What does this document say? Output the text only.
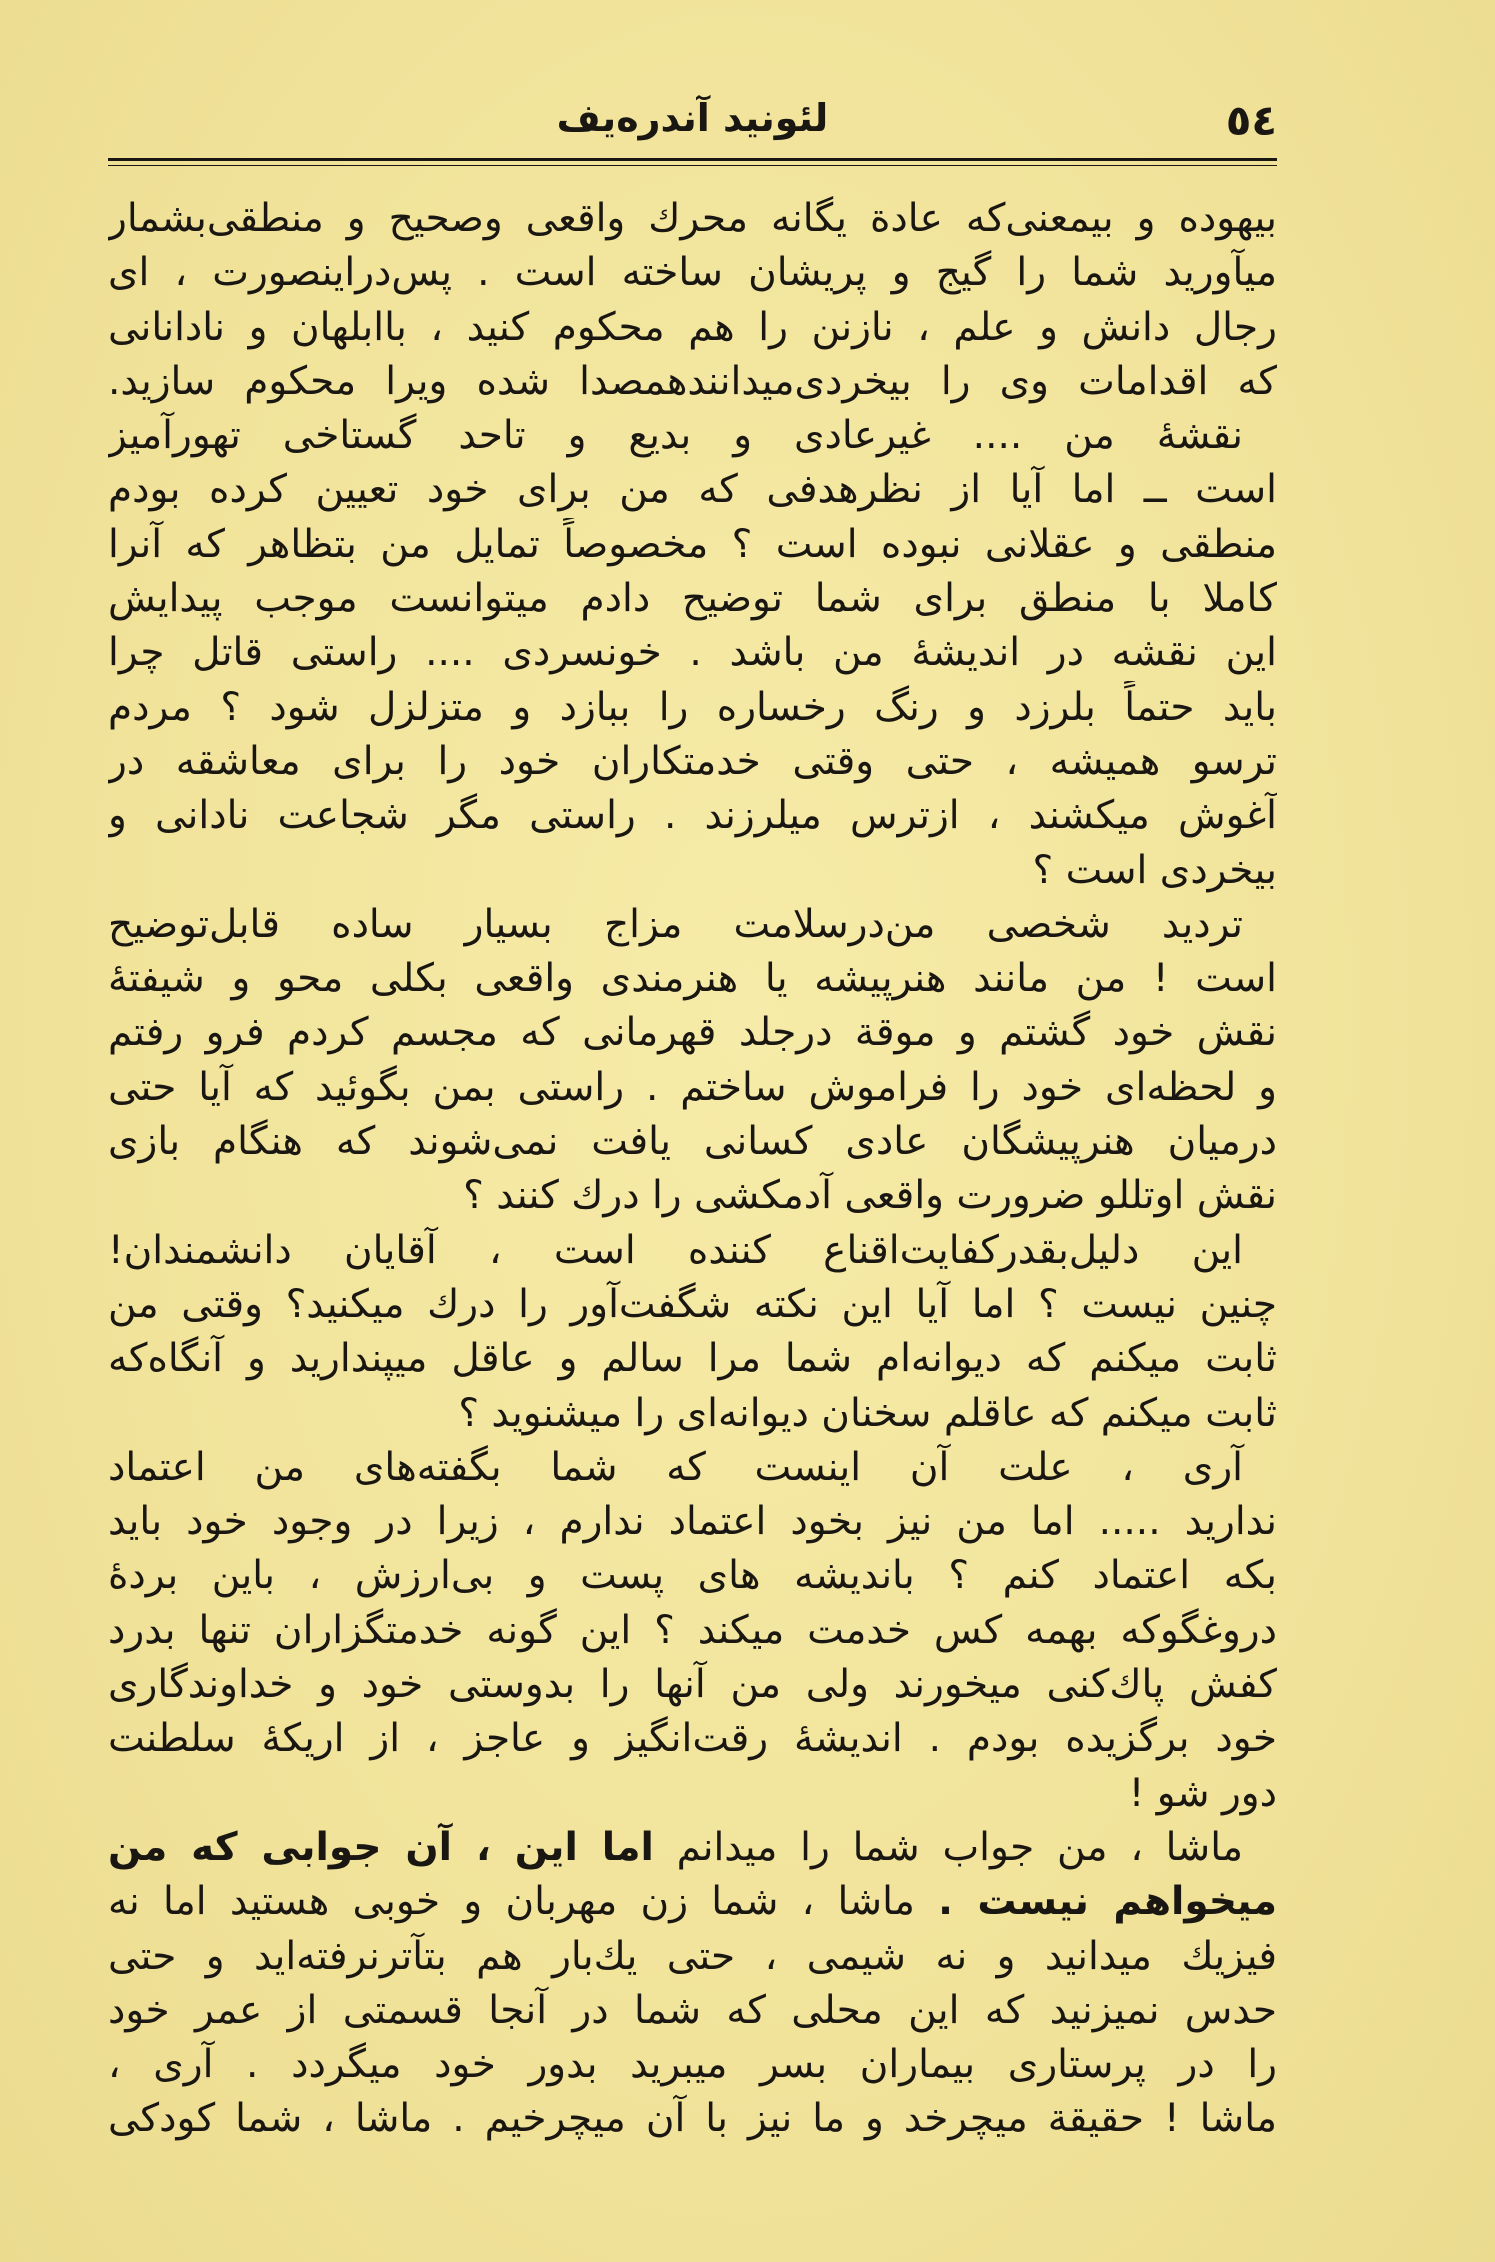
٥٤
لئونید آندره‌یف
بیهوده و بیمعنی‌که عادة یگانه محرك واقعی وصحیح و منطقی‌بشمار
میآورید شما را گیج و پریشان ساخته است . پس‌دراینصورت ، ای
رجال دانش و علم ، نازنن را هم محکوم کنید ، باابلهان و نادانانی
که اقدامات وی را بیخردی‌میدانندهمصدا شده ویرا محکوم سازید.
نقشهٔ من .... غیرعادی و بدیع و تاحد گستاخی تهورآمیز
است ــ اما آیا از نظرهدفی که من برای خود تعیین کرده بودم
منطقی و عقلانی نبوده است ؟ مخصوصاً تمایل من بتظاهر که آنرا
کاملا با منطق برای شما توضیح دادم میتوانست موجب پیدایش
این نقشه در اندیشهٔ من باشد . خونسردی .... راستی قاتل چرا
باید حتماً بلرزد و رنگ رخساره را ببازد و متزلزل شود ؟ مردم
ترسو همیشه ، حتی وقتی خدمتکاران خود را برای معاشقه در
آغوش میکشند ، ازترس میلرزند . راستی مگر شجاعت نادانی و
بیخردی است ؟
تردید شخصی من‌درسلامت مزاج بسیار ساده قابل‌توضیح
است ! من مانند هنرپیشه یا هنرمندی واقعی بکلی محو و شیفتهٔ
نقش خود گشتم و موقة درجلد قهرمانی که مجسم کردم فرو رفتم
و لحظه‌ای خود را فراموش ساختم . راستی بمن بگوئید که آیا حتی
درمیان هنرپیشگان عادی کسانی یافت نمی‌شوند که هنگام بازی
نقش اوتللو ضرورت واقعی آدمکشی را درك کنند ؟
این دلیل‌بقدرکفایت‌اقناع کننده است ، آقایان دانشمندان!
چنین نیست ؟ اما آیا این نکته شگفت‌آور را درك میکنید؟ وقتی من
ثابت میکنم که دیوانه‌ام شما مرا سالم و عاقل میپندارید و آنگاه‌که
ثابت میکنم که عاقلم سخنان دیوانه‌ای را میشنوید ؟
آری ، علت آن اینست که شما بگفته‌های من اعتماد
ندارید ..... اما من نیز بخود اعتماد ندارم ، زیرا در وجود خود باید
بکه اعتماد کنم ؟ باندیشه های پست و بی‌ارزش ، باین بردهٔ
دروغگوکه بهمه کس خدمت میکند ؟ این گونه خدمتگزاران تنها بدرد
کفش پاك‌کنی میخورند ولی من آنها را بدوستی خود و خداوندگاری
خود برگزیده بودم . اندیشهٔ رقت‌انگیز و عاجز ، از اریکهٔ سلطنت
دور شو !
ماشا ، من جواب شما را میدانم اما این ، آن جوابی که من
میخواهم نیست . ماشا ، شما زن مهربان و خوبی هستید اما نه
فیزیك میدانید و نه شیمی ، حتی یك‌بار هم بتآترنرفته‌اید و حتی
حدس نمیزنید که این محلی که شما در آنجا قسمتی از عمر خود
را در پرستاری بیماران بسر میبرید بدور خود میگردد . آری ،
ماشا ! حقیقة میچرخد و ما نیز با آن میچرخیم . ماشا ، شما کودکی
